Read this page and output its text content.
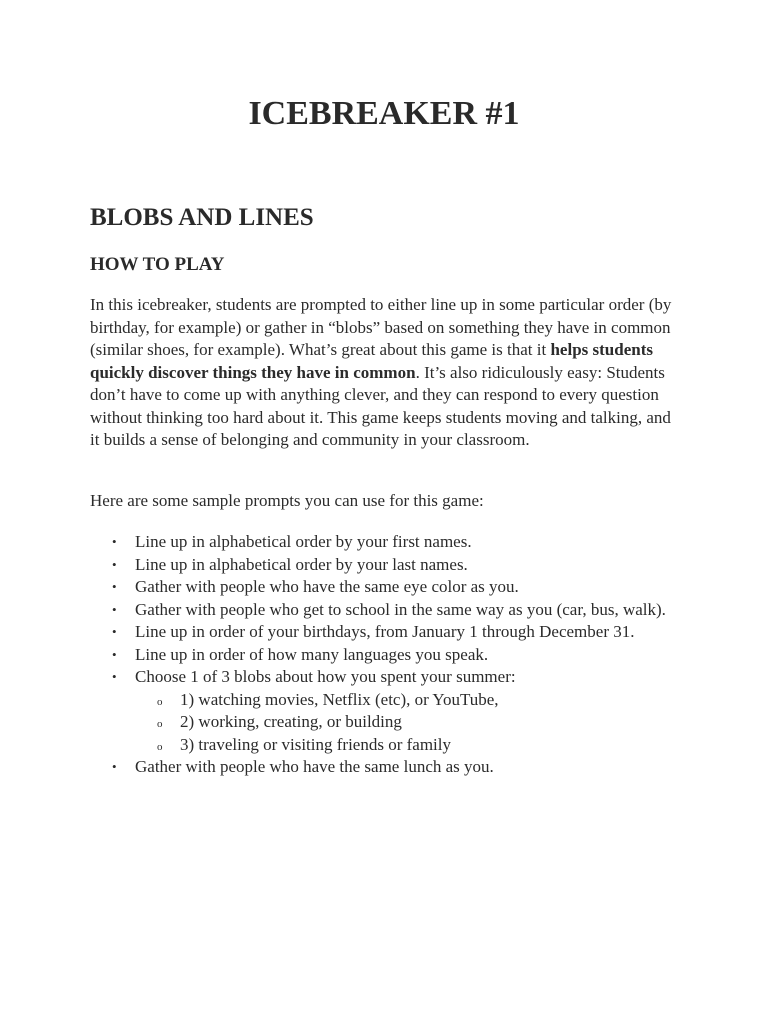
ICEBREAKER #1
BLOBS AND LINES
HOW TO PLAY

In this icebreaker, students are prompted to either line up in some particular order (by birthday, for example) or gather in “blobs” based on something they have in common (similar shoes, for example). What’s great about this game is that it helps students quickly discover things they have in common. It’s also ridiculously easy: Students don’t have to come up with anything clever, and they can respond to every question without thinking too hard about it. This game keeps students moving and talking, and it builds a sense of belonging and community in your classroom.

Here are some sample prompts you can use for this game:

• Line up in alphabetical order by your first names.
• Line up in alphabetical order by your last names.
• Gather with people who have the same eye color as you.
• Gather with people who get to school in the same way as you (car, bus, walk).
• Line up in order of your birthdays, from January 1 through December 31.
• Line up in order of how many languages you speak.
• Choose 1 of 3 blobs about how you spent your summer:
o 1) watching movies, Netflix (etc), or YouTube,
o 2) working, creating, or building
o 3) traveling or visiting friends or family
• Gather with people who have the same lunch as you.
